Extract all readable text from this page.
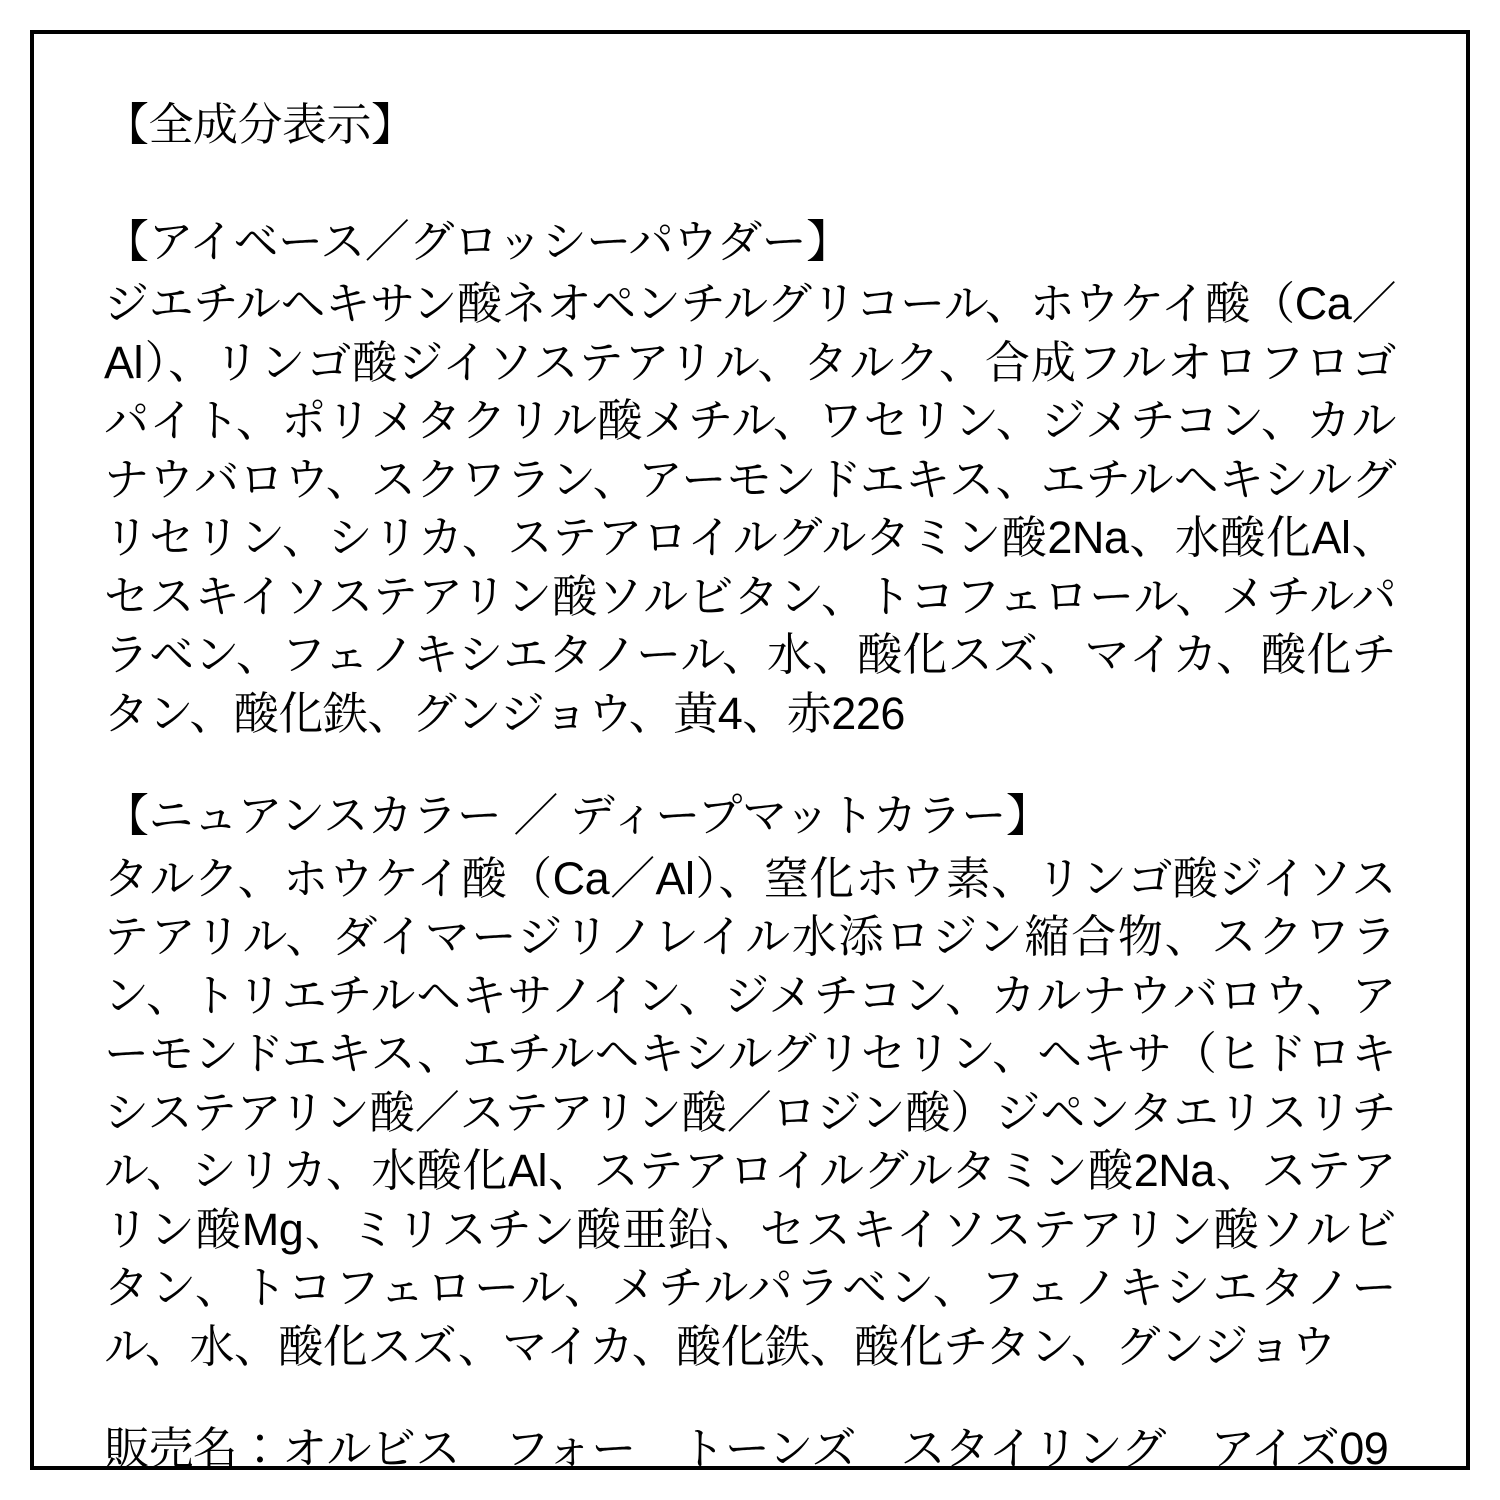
【全成分表示】

【アイベース／グロッシーパウダー】

ジエチルヘキサン酸ネオペンチルグリコール、ホウケイ酸（Ca／Al）、リンゴ酸ジイソステアリル、タルク、合成フルオロフロゴパイト、ポリメタクリル酸メチル、ワセリン、ジメチコン、カルナウバロウ、スクワラン、アーモンドエキス、エチルヘキシルグリセリン、シリカ、ステアロイルグルタミン酸2Na、水酸化Al、セスキイソステアリン酸ソルビタン、トコフェロール、メチルパラベン、フェノキシエタノール、水、酸化スズ、マイカ、酸化チタン、酸化鉄、グンジョウ、黄4、赤226

【ニュアンスカラー ／ ディープマットカラー】

タルク、ホウケイ酸（Ca／Al）、窒化ホウ素、リンゴ酸ジイソステアリル、ダイマージリノレイル水添ロジン縮合物、スクワラン、トリエチルヘキサノイン、ジメチコン、カルナウバロウ、アーモンドエキス、エチルヘキシルグリセリン、ヘキサ（ヒドロキシステアリン酸／ステアリン酸／ロジン酸）ジペンタエリスリチル、シリカ、水酸化Al、ステアロイルグルタミン酸2Na、ステアリン酸Mg、ミリスチン酸亜鉛、セスキイソステアリン酸ソルビタン、トコフェロール、メチルパラベン、フェノキシエタノール、水、酸化スズ、マイカ、酸化鉄、酸化チタン、グンジョウ

販売名：オルビス　フォー　トーンズ　スタイリング　アイズ09
